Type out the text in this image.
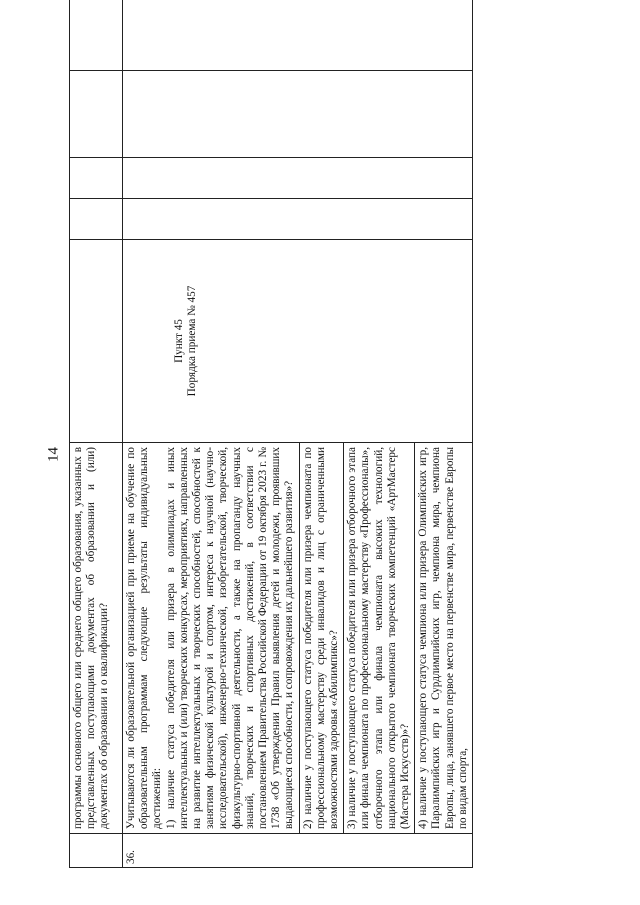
14
	программы основного общего или среднего общего образования, указанных в представленных поступающими документах об образовании и (или) документах об образовании и о квалификации?					
36.	Учитываются ли образовательной организацией при приеме на обучение по образовательным программам следующие результаты индивидуальных достижений:
1) наличие статуса победителя или призера в олимпиадах и иных интеллектуальных и (или) творческих конкурсах, мероприятиях, направленных на развитие интеллектуальных и творческих способностей, способностей к занятиям физической культурой и спортом, интереса к научной (научно-исследовательской), инженерно-технической, изобретательской, творческой, физкультурно-спортивной деятельности, а также на пропаганду научных знаний, творческих и спортивных достижений, в соответствии с постановлением Правительства Российской Федерации от 19 октября 2023 г. № 1738 «Об утверждении Правил выявления детей и молодежи, проявивших выдающиеся способности, и сопровождения их дальнейшего развития»?	Пункт 45 Порядка приема № 457				

	2) наличие у поступающего статуса победителя или призера чемпионата по профессиональному мастерству среди инвалидов и лиц с ограниченными возможностями здоровья «Абилимпикс»?					
	3) наличие у поступающего статуса победителя или призера отборочного этапа или финала чемпионата по профессиональному мастерству «Профессионалы», отборочного этапа или финала чемпионата высоких технологий, национального открытого чемпионата творческих компетенций «АртМастерс (Мастера Искусств)»?					
	4) наличие у поступающего статуса чемпиона или призера Олимпийских игр, Паралимпийских игр и Сурдлимпийских игр, чемпиона мира, чемпиона Европы, лица, занявшего первое место на первенстве мира, первенстве Европы по видам спорта,					
